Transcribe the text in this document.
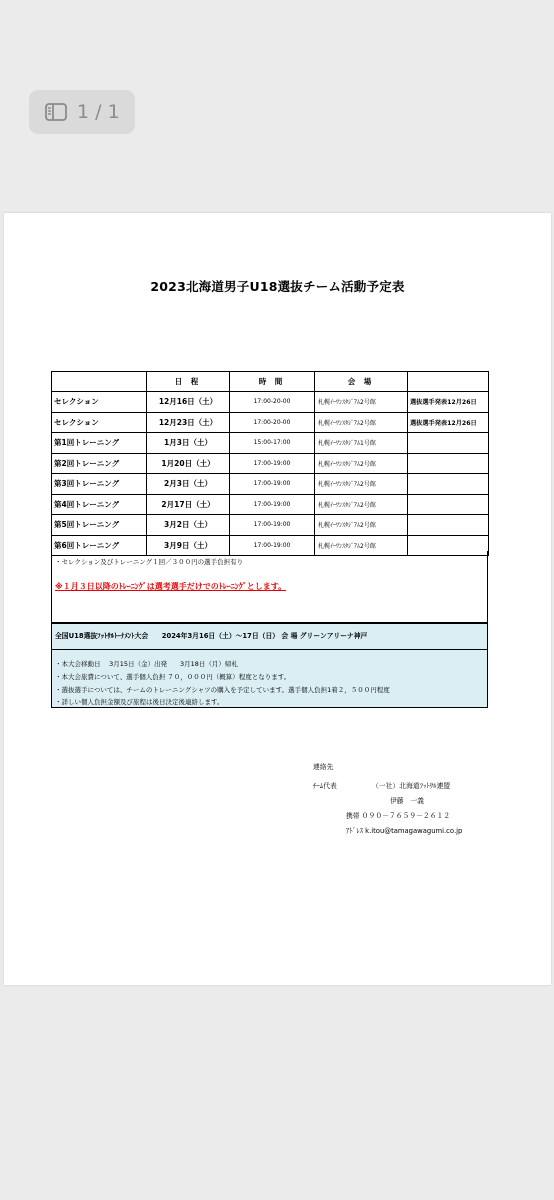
1 / 1
2023北海道男子U18選抜チーム活動予定表
	日 程	時 間	会 場	
セレクション	12月16日（土）	17:00-20-00	札幌ｲｰﾜﾝｽﾀｼﾞｱﾑ2号館	選抜選手発表12月26日
セレクション	12月23日（土）	17:00-20-00	札幌ｲｰﾜﾝｽﾀｼﾞｱﾑ2号館	選抜選手発表12月26日
第1回トレーニング	1月3日（土）	15:00-17:00	札幌ｲｰﾜﾝｽﾀｼﾞｱﾑ1号館	
第2回トレーニング	1月20日（土）	17:00-19:00	札幌ｲｰﾜﾝｽﾀｼﾞｱﾑ2号館	
第3回トレーニング	2月3日（土）	17:00-19:00	札幌ｲｰﾜﾝｽﾀｼﾞｱﾑ2号館	
第4回トレーニング	2月17日（土）	17:00-19:00	札幌ｲｰﾜﾝｽﾀｼﾞｱﾑ2号館	
第5回トレーニング	3月2日（土）	17:00-19:00	札幌ｲｰﾜﾝｽﾀｼﾞｱﾑ2号館	
第6回トレーニング	3月9日（土）	17:00-19:00	札幌ｲｰﾜﾝｽﾀｼﾞｱﾑ2号館	
・セレクション及びトレーニング１回／３００円の選手負担有り
※１月３日以降のﾄﾚｰﾆﾝｸﾞは選考選手だけでのﾄﾚｰﾆﾝｸﾞとします。
全国U18選抜ﾌｯﾄｻﾙﾄｰﾅﾒﾝﾄ大会　　2024年3月16日（土）～17日（日） 会 場 グリーンアリーナ神戸
・本大会移動日　 3月15日（金）出発　　3月18日（月）帰札
・本大会旅費について、選手個人負担 ７０，０００円（概算）程度となります。
・選抜選手については、チームのトレーニングシャツの購入を予定しています。選手個人負担1着２，５００円程度
・詳しい個人負担金額及び旅程は後日決定後連絡します。
連絡先
ﾁｰﾑ代表	（一社）北海道ﾌｯﾄｻﾙ連盟
伊藤　一義
携帯 ０９０－７６５９－２６１２
ｱﾄﾞﾚｽ k.itou@tamagawagumi.co.jp
